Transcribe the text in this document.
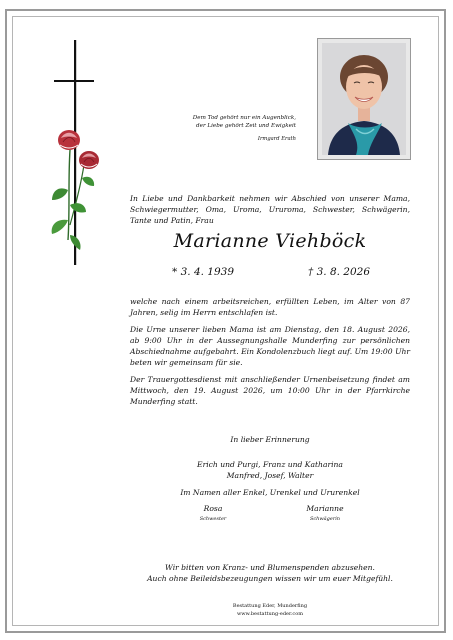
Dem Tod gehört nur ein Augenblick,
der Liebe gehört Zeit und Ewigkeit
Irmgard Erath
In Liebe und Dankbarkeit nehmen wir Abschied von unserer Mama, Schwiegermutter, Oma, Uroma, Ururoma, Schwester, Schwägerin, Tante und Patin, Frau
Marianne Viehböck
* 3. 4. 1939	† 3. 8. 2026
welche nach einem arbeitsreichen, erfüllten Leben, im Alter von 87 Jahren, selig im Herrn entschlafen ist.
Die Urne unserer lieben Mama ist am Dienstag, den 18. August 2026, ab 9:00 Uhr in der Aussegnungshalle Munderfing zur persönlichen Abschiednahme aufgebahrt. Ein Kondolenzbuch liegt auf. Um 19:00 Uhr beten wir gemeinsam für sie.
Der Trauergottesdienst mit anschließender Urnenbeisetzung findet am Mittwoch, den 19. August 2026, um 10:00 Uhr in der Pfarrkirche Munderfing statt.
In lieber Erinnerung
Erich und Purgi, Franz und Katharina
Manfred, Josef, Walter
Im Namen aller Enkel, Urenkel und Ururenkel
Rosa
Schwester
Marianne
Schwägerin
Wir bitten von Kranz- und Blumenspenden abzusehen.
Auch ohne Beileidsbezeugungen wissen wir um euer Mitgefühl.
Bestattung Eder, Munderfing
www.bestattung-eder.com
